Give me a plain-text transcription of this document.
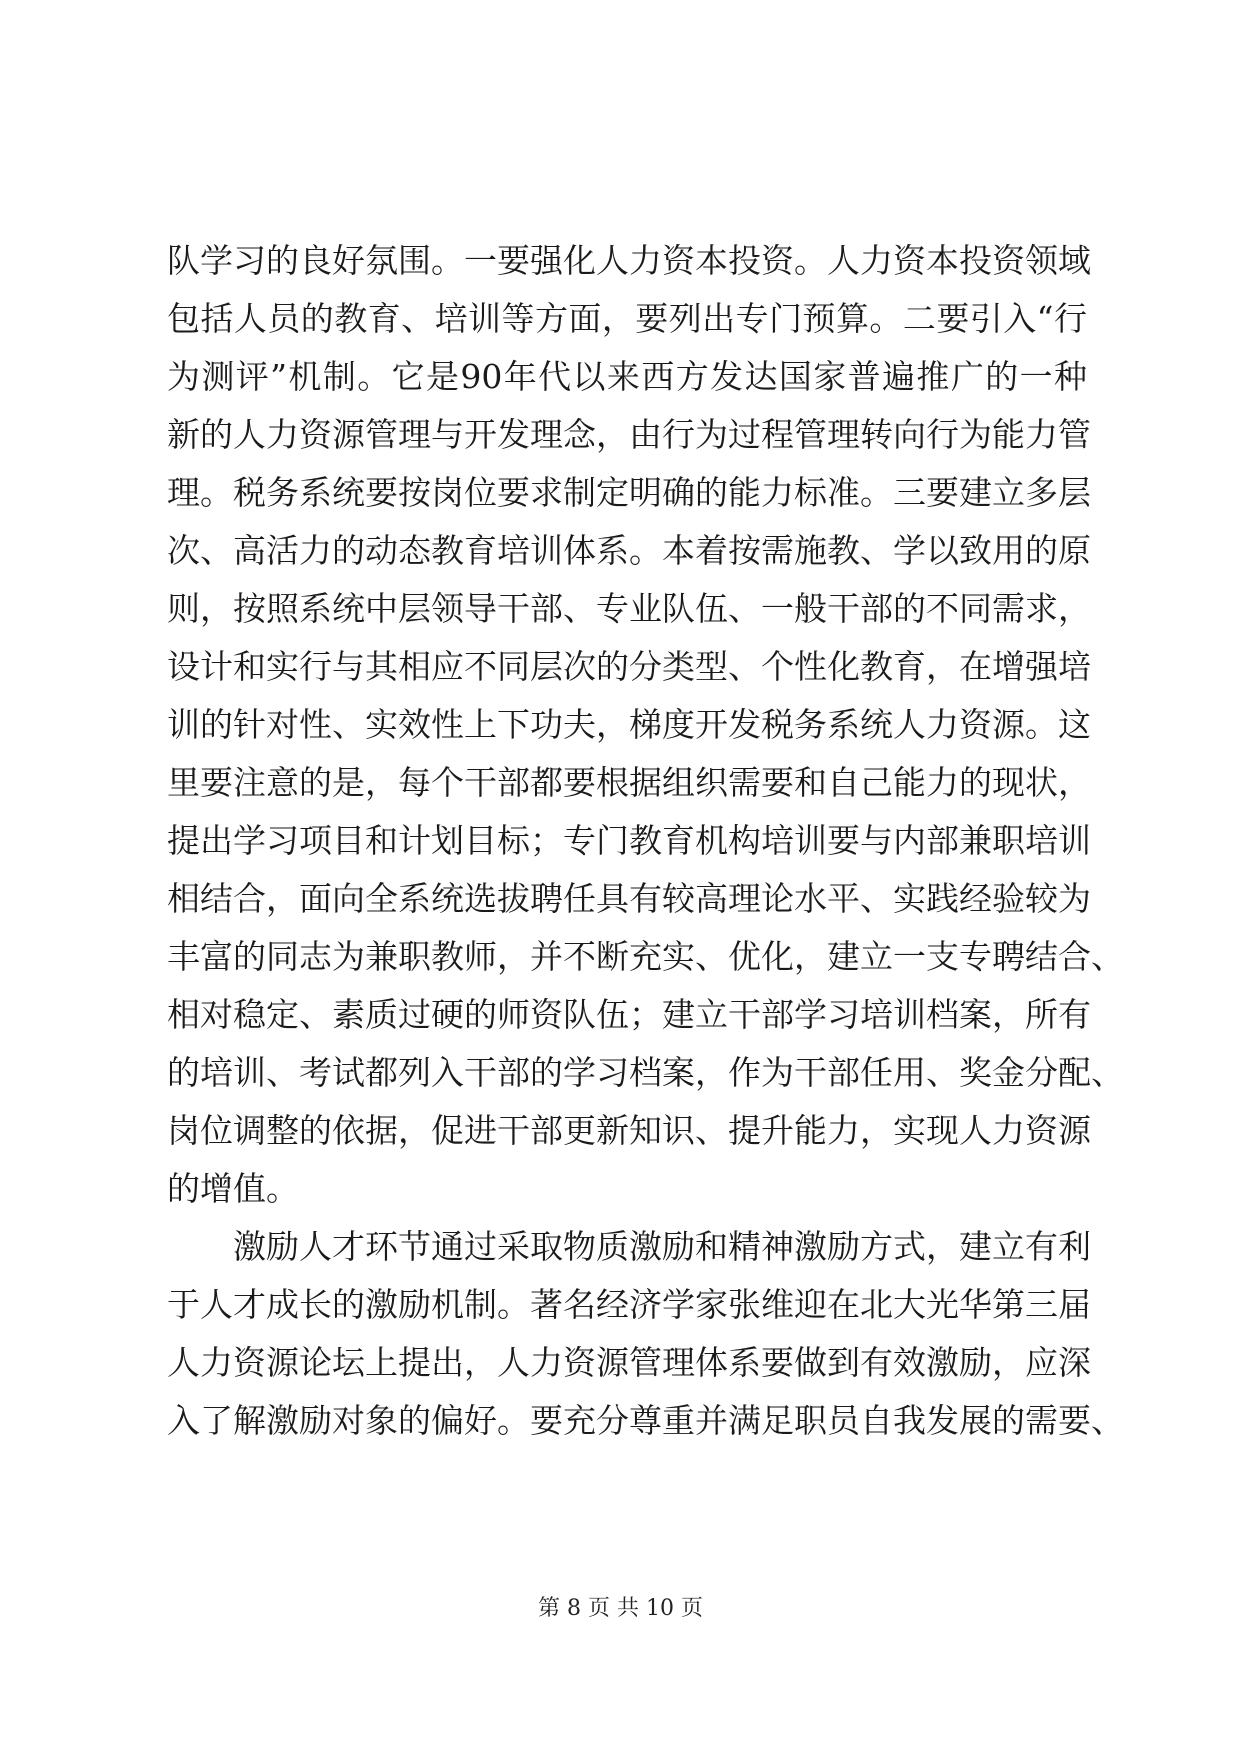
队学习的良好氛围。一要强化人力资本投资。人力资本投资领域
包括人员的教育、培训等方面，要列出专门预算。二要引入“行
为测评”机制。它是90年代以来西方发达国家普遍推广的一种
新的人力资源管理与开发理念，由行为过程管理转向行为能力管
理。税务系统要按岗位要求制定明确的能力标准。三要建立多层
次、高活力的动态教育培训体系。本着按需施教、学以致用的原
则，按照系统中层领导干部、专业队伍、一般干部的不同需求，
设计和实行与其相应不同层次的分类型、个性化教育，在增强培
训的针对性、实效性上下功夫，梯度开发税务系统人力资源。这
里要注意的是，每个干部都要根据组织需要和自己能力的现状，
提出学习项目和计划目标；专门教育机构培训要与内部兼职培训
相结合，面向全系统选拔聘任具有较高理论水平、实践经验较为
丰富的同志为兼职教师，并不断充实、优化，建立一支专聘结合、
相对稳定、素质过硬的师资队伍；建立干部学习培训档案，所有
的培训、考试都列入干部的学习档案，作为干部任用、奖金分配、
岗位调整的依据，促进干部更新知识、提升能力，实现人力资源
的增值。
激励人才环节通过采取物质激励和精神激励方式，建立有利
于人才成长的激励机制。著名经济学家张维迎在北大光华第三届
人力资源论坛上提出，人力资源管理体系要做到有效激励，应深
入了解激励对象的偏好。要充分尊重并满足职员自我发展的需要、
第 8 页 共 10 页
